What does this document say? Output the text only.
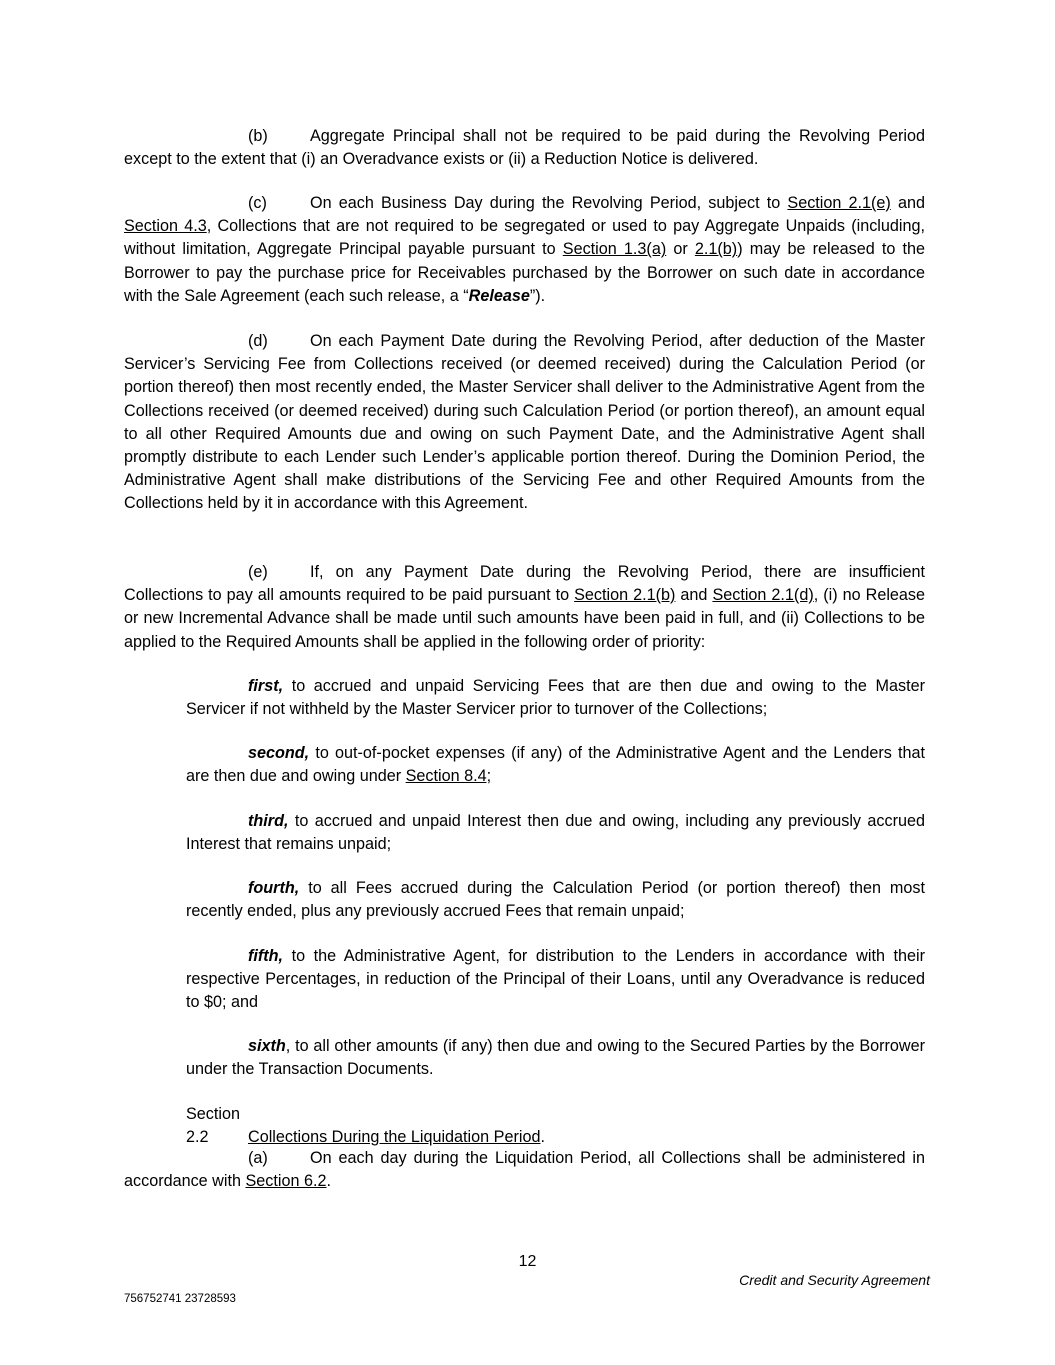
(b)	Aggregate Principal shall not be required to be paid during the Revolving Period except to the extent that (i) an Overadvance exists or (ii) a Reduction Notice is delivered.
(c)	On each Business Day during the Revolving Period, subject to Section 2.1(e) and Section 4.3, Collections that are not required to be segregated or used to pay Aggregate Unpaids (including, without limitation, Aggregate Principal payable pursuant to Section 1.3(a) or 2.1(b)) may be released to the Borrower to pay the purchase price for Receivables purchased by the Borrower on such date in accordance with the Sale Agreement (each such release, a “Release”).
(d)	On each Payment Date during the Revolving Period, after deduction of the Master Servicer’s Servicing Fee from Collections received (or deemed received) during the Calculation Period (or portion thereof) then most recently ended, the Master Servicer shall deliver to the Administrative Agent from the Collections received (or deemed received) during such Calculation Period (or portion thereof), an amount equal to all other Required Amounts due and owing on such Payment Date, and the Administrative Agent shall promptly distribute to each Lender such Lender’s applicable portion thereof. During the Dominion Period, the Administrative Agent shall make distributions of the Servicing Fee and other Required Amounts from the Collections held by it in accordance with this Agreement.
(e)	If, on any Payment Date during the Revolving Period, there are insufficient Collections to pay all amounts required to be paid pursuant to Section 2.1(b) and Section 2.1(d), (i) no Release or new Incremental Advance shall be made until such amounts have been paid in full, and (ii) Collections to be applied to the Required Amounts shall be applied in the following order of priority:
first, to accrued and unpaid Servicing Fees that are then due and owing to the Master Servicer if not withheld by the Master Servicer prior to turnover of the Collections;
second, to out-of-pocket expenses (if any) of the Administrative Agent and the Lenders that are then due and owing under Section 8.4;
third, to accrued and unpaid Interest then due and owing, including any previously accrued Interest that remains unpaid;
fourth, to all Fees accrued during the Calculation Period (or portion thereof) then most recently ended, plus any previously accrued Fees that remain unpaid;
fifth, to the Administrative Agent, for distribution to the Lenders in accordance with their respective Percentages, in reduction of the Principal of their Loans, until any Overadvance is reduced to $0; and
sixth, to all other amounts (if any) then due and owing to the Secured Parties by the Borrower under the Transaction Documents.
Section 2.2 Collections During the Liquidation Period.
(a)	On each day during the Liquidation Period, all Collections shall be administered in accordance with Section 6.2.
12
Credit and Security Agreement
756752741 23728593
